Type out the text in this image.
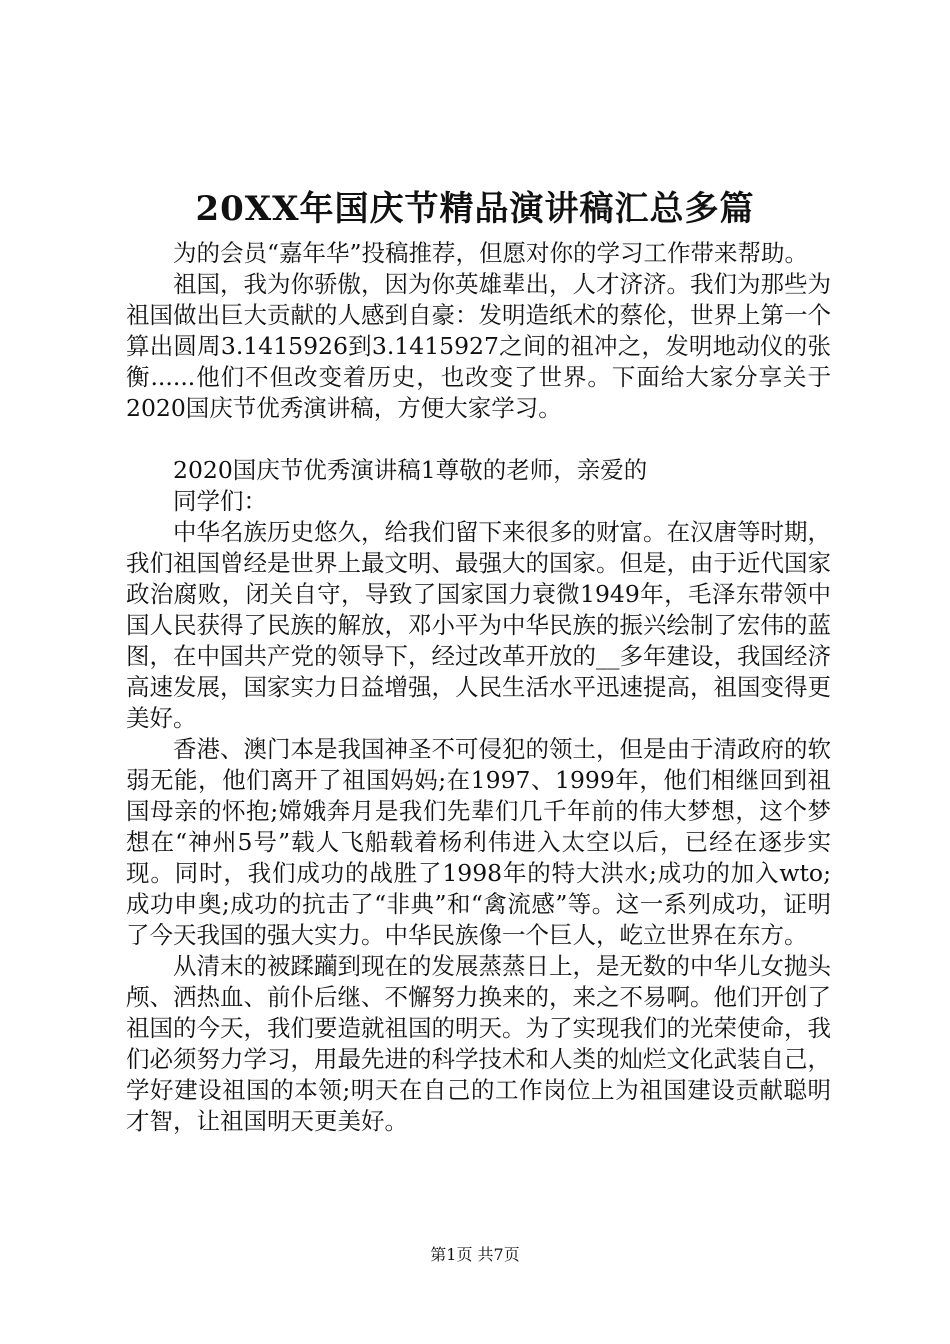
20XX年国庆节精品演讲稿汇总多篇

为的会员“嘉年华”投稿推荐，但愿对你的学习工作带来帮助。

祖国，我为你骄傲，因为你英雄辈出，人才济济。我们为那些为祖国做出巨大贡献的人感到自豪：发明造纸术的蔡伦，世界上第一个算出圆周3.1415926到3.1415927之间的祖冲之，发明地动仪的张衡......他们不但改变着历史，也改变了世界。下面给大家分享关于2020国庆节优秀演讲稿，方便大家学习。

2020国庆节优秀演讲稿1尊敬的老师，亲爱的

同学们：

中华名族历史悠久，给我们留下来很多的财富。在汉唐等时期，我们祖国曾经是世界上最文明、最强大的国家。但是，由于近代国家政治腐败，闭关自守，导致了国家国力衰微1949年，毛泽东带领中国人民获得了民族的解放，邓小平为中华民族的振兴绘制了宏伟的蓝图，在中国共产党的领导下，经过改革开放的__多年建设，我国经济高速发展，国家实力日益增强，人民生活水平迅速提高，祖国变得更美好。

香港、澳门本是我国神圣不可侵犯的领土，但是由于清政府的软弱无能，他们离开了祖国妈妈;在1997、1999年，他们相继回到祖国母亲的怀抱;嫦娥奔月是我们先辈们几千年前的伟大梦想，这个梦想在“神州5号”载人飞船载着杨利伟进入太空以后，已经在逐步实现。同时，我们成功的战胜了1998年的特大洪水;成功的加入wto;成功申奥;成功的抗击了“非典”和“禽流感”等。这一系列成功，证明了今天我国的强大实力。中华民族像一个巨人，屹立世界在东方。

从清末的被蹂躏到现在的发展蒸蒸日上，是无数的中华儿女抛头颅、洒热血、前仆后继、不懈努力换来的，来之不易啊。他们开创了祖国的今天，我们要造就祖国的明天。为了实现我们的光荣使命，我们必须努力学习，用最先进的科学技术和人类的灿烂文化武装自己，学好建设祖国的本领;明天在自己的工作岗位上为祖国建设贡献聪明才智，让祖国明天更美好。

第1页 共7页
